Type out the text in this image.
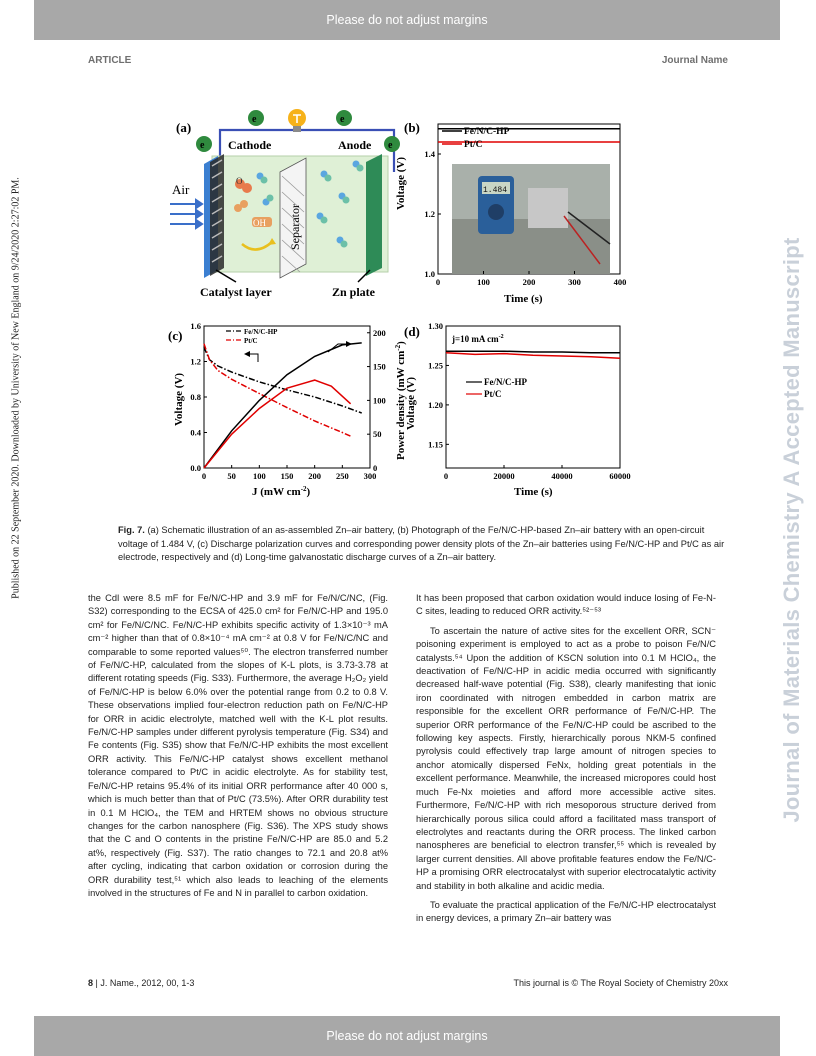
Please do not adjust margins
ARTICLE	Journal Name
Published on 22 September 2020. Downloaded by University of New England on 9/24/2020 2:27:02 PM.	Journal of Materials Chemistry A Accepted Manuscript
(a)
e	e
e	e
Cathode	Anode
Separator
Air
O
OH
Catalyst layer	Zn plate
(b)
1.484
Voltage (V)
Time (s)
0	100	200	300	400
1.0
1.2
1.4
Fe/N/C-HP
Pt/C
(c)
Voltage (V)	Power density (mW $cm^{-2}$)
J (mW $cm^{-2}$)
0	50 100 150 200 250 300
0.0
0.4
0.8
1.2
1.6
0
50
100
150
200
Fe/N/C-HP
Pt/C
(d)
Voltage (V)
Time (s)
j=10 mA $cm^{-2}$
0	20000	40000	60000
1.15
1.20
1.25
1.30
Fe/N/C-HP
Pt/C
Fig. 7. (a) Schematic illustration of an as-assembled Zn–air battery, (b) Photograph of the Fe/N/C-HP-based Zn–air battery with an open-circuit voltage of 1.484 V, (c) Discharge polarization curves and corresponding power density plots of the Zn–air batteries using Fe/N/C-HP and Pt/C as air electrode, respectively and (d) Long-time galvanostatic discharge curves of a Zn–air battery.

the Cdl were 8.5 mF for Fe/N/C-HP and 3.9 mF for Fe/N/C/NC, (Fig. S32) corresponding to the ECSA of 425.0 cm² for Fe/N/C-HP and 195.0 cm² for Fe/N/C/NC. Fe/N/C-HP exhibits specific activity of 1.3×10⁻³ mA cm⁻² higher than that of 0.8×10⁻⁴ mA cm⁻² at 0.8 V for Fe/N/C/NC and comparable to some reported values⁵⁰. The electron transferred number of Fe/N/C-HP, calculated from the slopes of K-L plots, is 3.73-3.78 at different rotating speeds (Fig. S33). Furthermore, the average H₂O₂ yield of Fe/N/C-HP is below 6.0% over the potential range from 0.2 to 0.8 V. These observations implied four-electron reduction path on Fe/N/C-HP for ORR in acidic electrolyte, matched well with the K-L plot results. Fe/N/C-HP samples under different pyrolysis temperature (Fig. S34) and Fe contents (Fig. S35) show that Fe/N/C-HP exhibits the most excellent ORR activity. This Fe/N/C-HP catalyst shows excellent methanol tolerance compared to Pt/C in acidic electrolyte. As for stability test, Fe/N/C-HP retains 95.4% of its initial ORR performance after 40 000 s, which is much better than that of Pt/C (73.5%). After ORR durability test in 0.1 M HClO₄, the TEM and HRTEM shows no obvious structure changes for the carbon nanosphere (Fig. S36). The XPS study shows that the C and O contents in the pristine Fe/N/C-HP are 85.0 and 5.2 at%, respectively (Fig. S37). The ratio changes to 72.1 and 20.8 at% after cycling, indicating that carbon oxidation or corrosion during the ORR durability test,⁵¹ which also leads to leaching of the elements involved in the structures of Fe and N in parallel to carbon oxidation.

It has been proposed that carbon oxidation would induce losing of Fe-N-C sites, leading to reduced ORR activity.⁵²⁻⁵³

To ascertain the nature of active sites for the excellent ORR, SCN⁻ poisoning experiment is employed to act as a probe to poison Fe/N/C catalysts.⁵⁴ Upon the addition of KSCN solution into 0.1 M HClO₄, the deactivation of Fe/N/C-HP in acidic media occurred with significantly decreased half-wave potential (Fig. S38), clearly manifesting that ionic iron coordinated with nitrogen embedded in carbon matrix are responsible for the excellent ORR performance of Fe/N/C-HP. The superior ORR performance of the Fe/N/C-HP could be ascribed to the following key aspects. Firstly, hierarchically porous NKM-5 confined pyrolysis could effectively trap large amount of nitrogen species to anchor atomically dispersed FeNx, holding great potentials in the excellent performance. Meanwhile, the increased micropores could host much Fe-Nx moieties and afford more accessible active sites. Furthermore, Fe/N/C-HP with rich mesoporous structure derived from hierarchically porous silica could afford a facilitated mass transport of electrolytes and reactants during the ORR process. The linked carbon nanospheres are beneficial to electron transfer,⁵⁵ which is revealed by larger current densities. All above profitable features endow the Fe/N/C-HP a promising ORR electrocatalyst with superior electrocatalytic activity and stability in both alkaline and acidic media.

To evaluate the practical application of the Fe/N/C-HP electrocatalyst in energy devices, a primary Zn–air battery was

8 | J. Name., 2012, 00, 1-3	This journal is © The Royal Society of Chemistry 20xx
Please do not adjust margins
